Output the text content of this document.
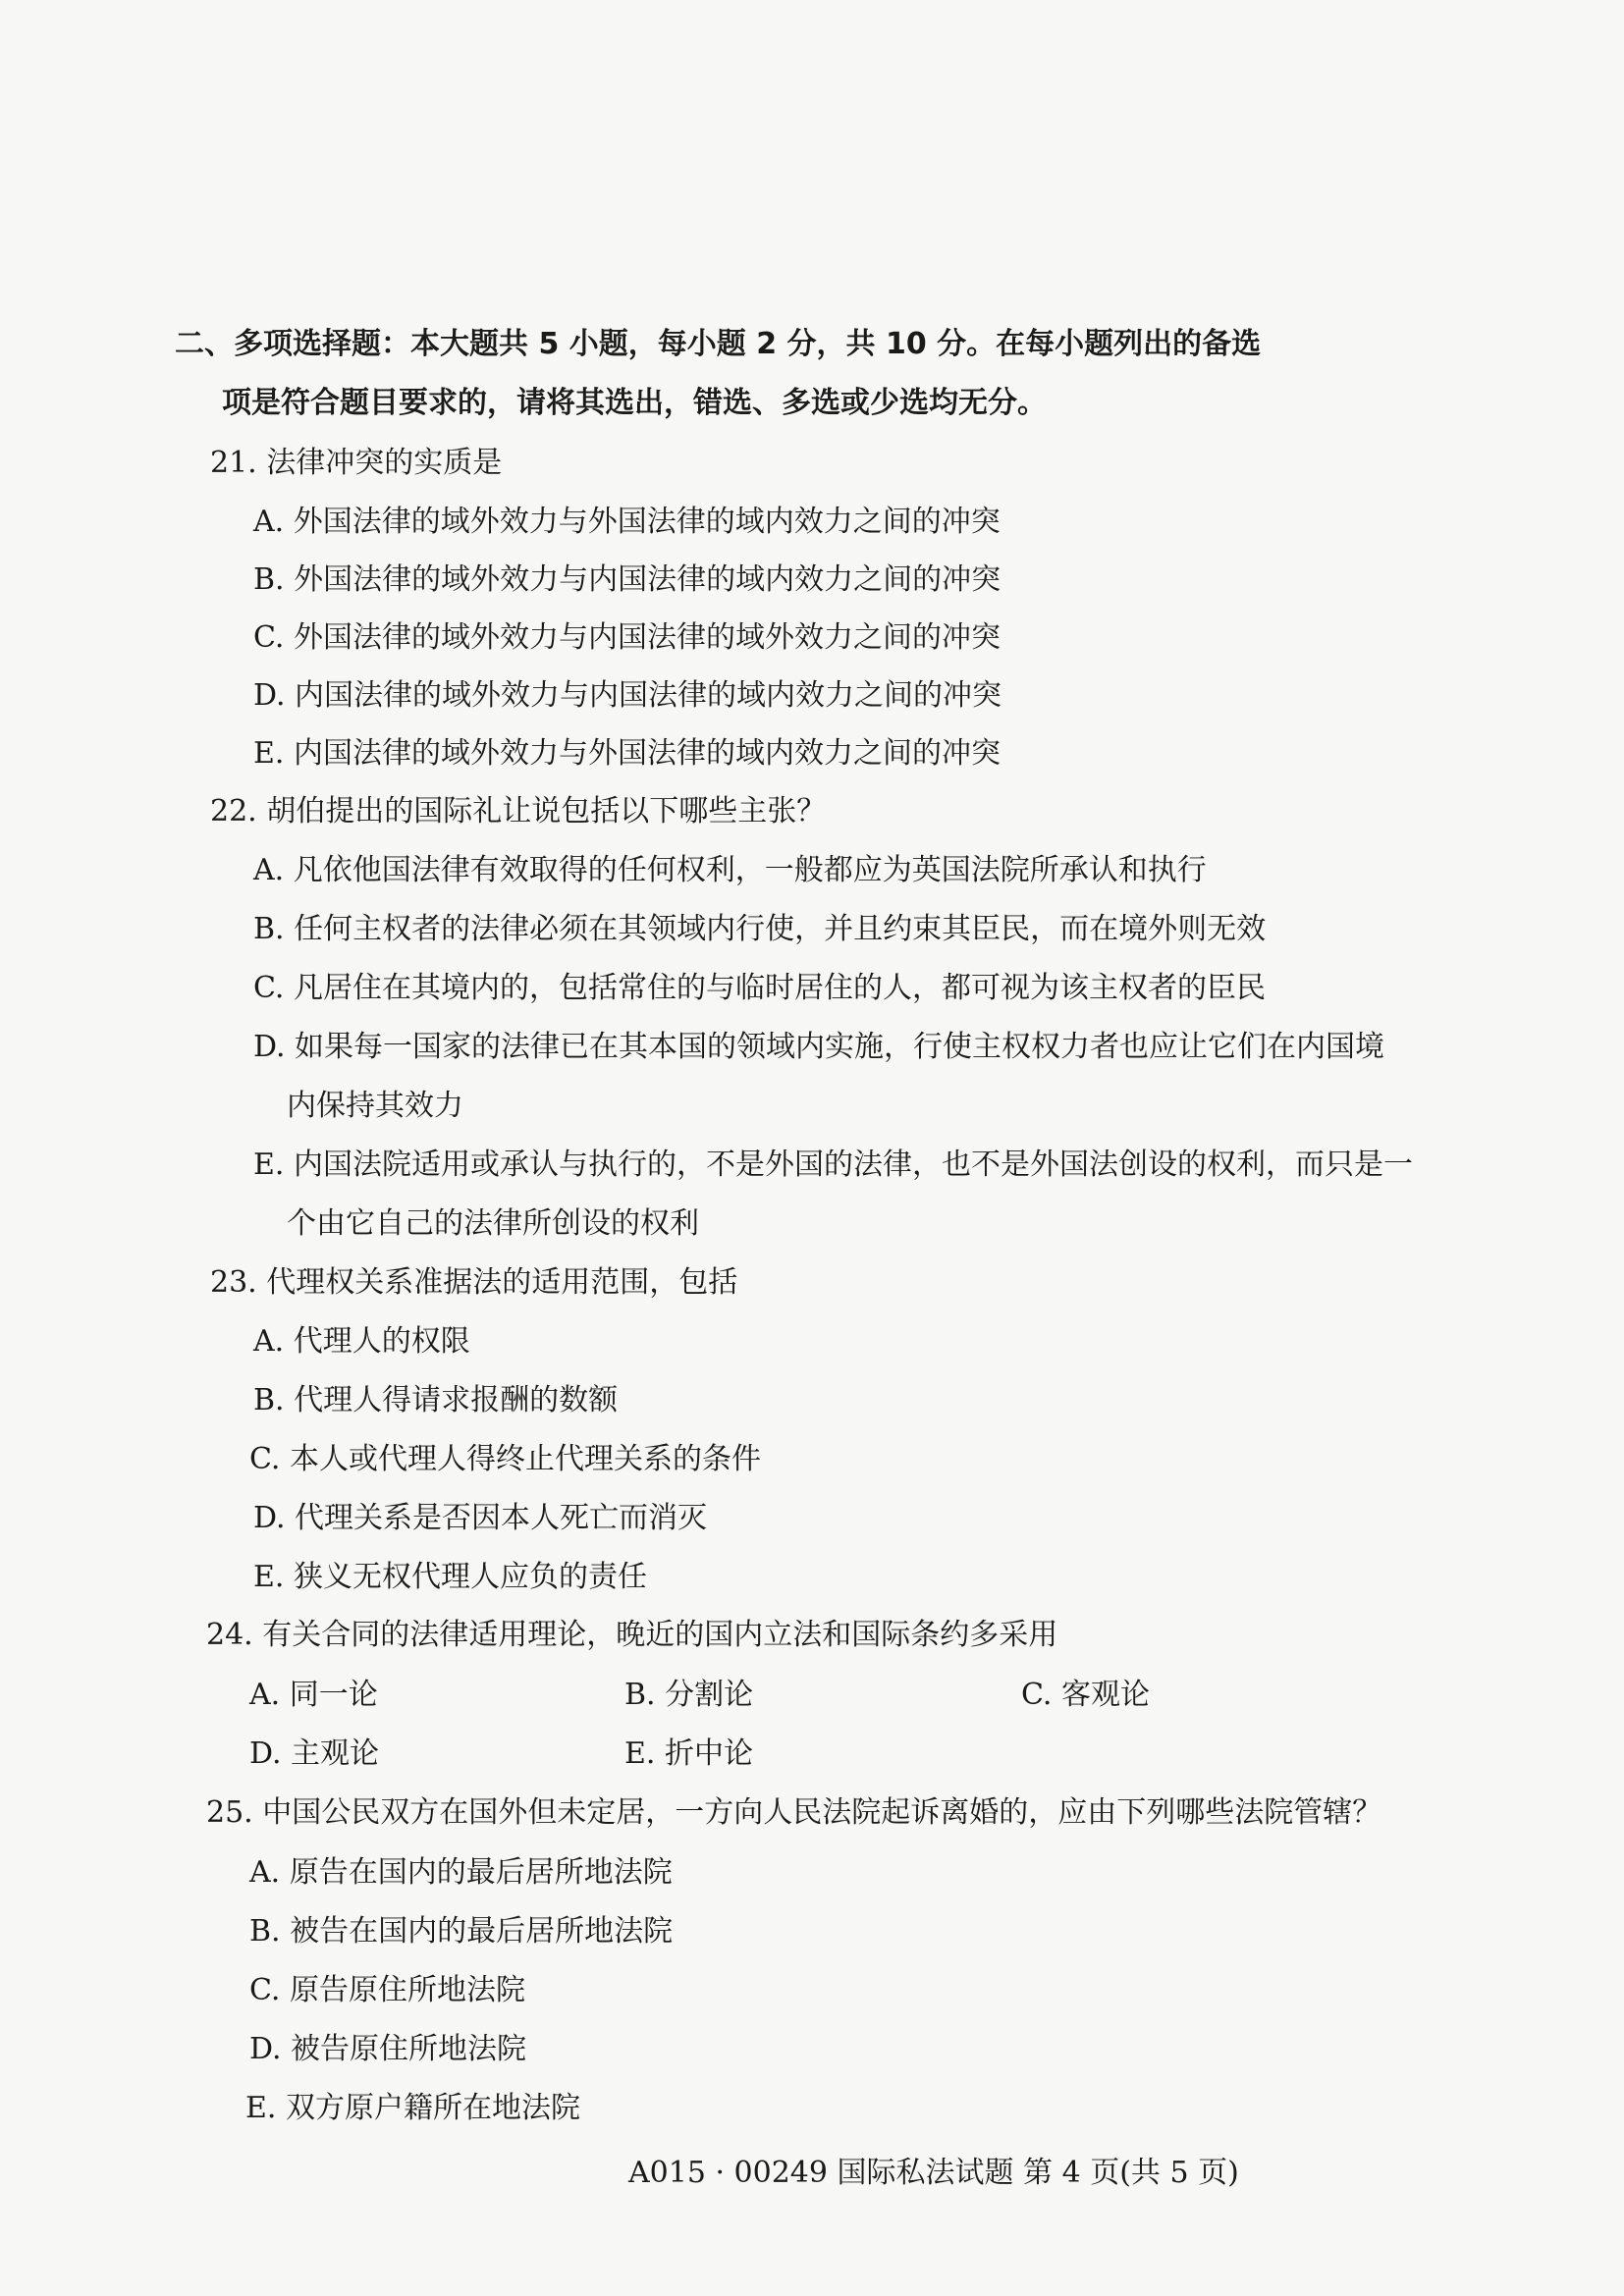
二、多项选择题：本大题共 5 小题，每小题 2 分，共 10 分。在每小题列出的备选
项是符合题目要求的，请将其选出，错选、多选或少选均无分。
21. 法律冲突的实质是
A. 外国法律的域外效力与外国法律的域内效力之间的冲突
B. 外国法律的域外效力与内国法律的域内效力之间的冲突
C. 外国法律的域外效力与内国法律的域外效力之间的冲突
D. 内国法律的域外效力与内国法律的域内效力之间的冲突
E. 内国法律的域外效力与外国法律的域内效力之间的冲突
22. 胡伯提出的国际礼让说包括以下哪些主张？
A. 凡依他国法律有效取得的任何权利，一般都应为英国法院所承认和执行
B. 任何主权者的法律必须在其领域内行使，并且约束其臣民，而在境外则无效
C. 凡居住在其境内的，包括常住的与临时居住的人，都可视为该主权者的臣民
D. 如果每一国家的法律已在其本国的领域内实施，行使主权权力者也应让它们在内国境
内保持其效力
E. 内国法院适用或承认与执行的，不是外国的法律，也不是外国法创设的权利，而只是一
个由它自己的法律所创设的权利
23. 代理权关系准据法的适用范围，包括
A. 代理人的权限
B. 代理人得请求报酬的数额
C. 本人或代理人得终止代理关系的条件
D. 代理关系是否因本人死亡而消灭
E. 狭义无权代理人应负的责任
24. 有关合同的法律适用理论，晚近的国内立法和国际条约多采用
A. 同一论	B. 分割论	C. 客观论
D. 主观论	E. 折中论
25. 中国公民双方在国外但未定居，一方向人民法院起诉离婚的，应由下列哪些法院管辖？
A. 原告在国内的最后居所地法院
B. 被告在国内的最后居所地法院
C. 原告原住所地法院
D. 被告原住所地法院
E. 双方原户籍所在地法院
A015 · 00249 国际私法试题 第 4 页(共 5 页)
